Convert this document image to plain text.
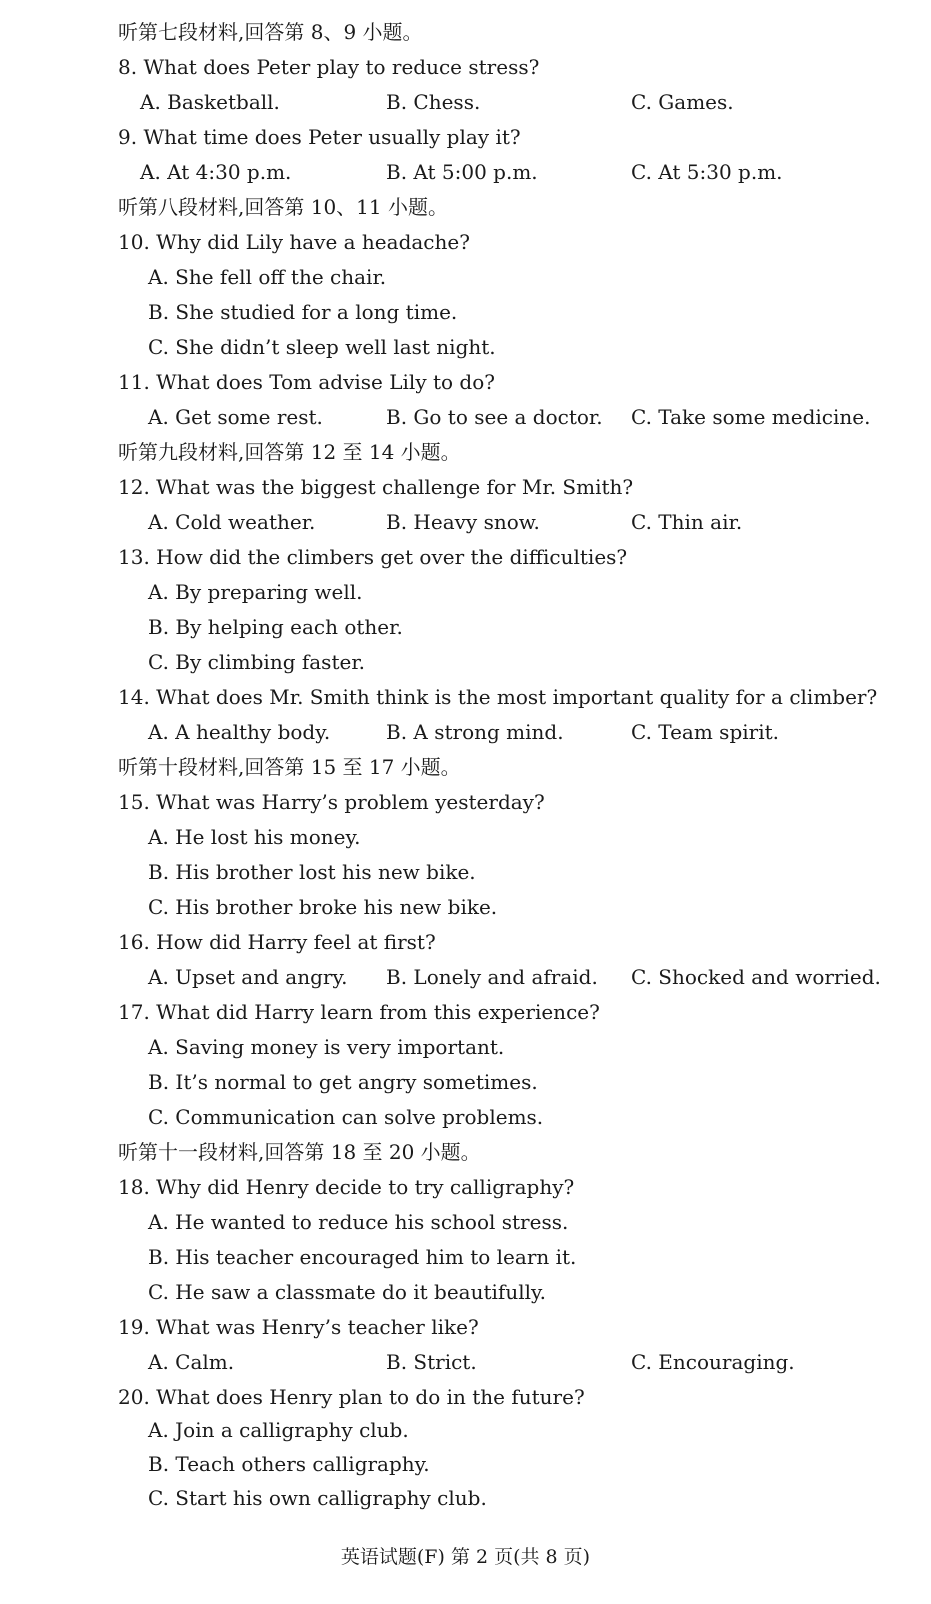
听第七段材料,回答第 8、9 小题。
8. What does Peter play to reduce stress?
A. Basketball.	B. Chess.	C. Games.
9. What time does Peter usually play it?
A. At 4:30 p.m.	B. At 5:00 p.m.	C. At 5:30 p.m.
听第八段材料,回答第 10、11 小题。
10. Why did Lily have a headache?
A. She fell off the chair.
B. She studied for a long time.
C. She didn’t sleep well last night.
11. What does Tom advise Lily to do?
A. Get some rest.	B. Go to see a doctor. C. Take some medicine.
听第九段材料,回答第 12 至 14 小题。
12. What was the biggest challenge for Mr. Smith?
A. Cold weather.	B. Heavy snow.	C. Thin air.
13. How did the climbers get over the difficulties?
A. By preparing well.
B. By helping each other.
C. By climbing faster.
14. What does Mr. Smith think is the most important quality for a climber?
A. A healthy body.	B. A strong mind.	C. Team spirit.
听第十段材料,回答第 15 至 17 小题。
15. What was Harry’s problem yesterday?
A. He lost his money.
B. His brother lost his new bike.
C. His brother broke his new bike.
16. How did Harry feel at first?
A. Upset and angry. B. Lonely and afraid. C. Shocked and worried.
17. What did Harry learn from this experience?
A. Saving money is very important.
B. It’s normal to get angry sometimes.
C. Communication can solve problems.
听第十一段材料,回答第 18 至 20 小题。
18. Why did Henry decide to try calligraphy?
A. He wanted to reduce his school stress.
B. His teacher encouraged him to learn it.
C. He saw a classmate do it beautifully.
19. What was Henry’s teacher like?
A. Calm.	B. Strict.	C. Encouraging.
20. What does Henry plan to do in the future?
A. Join a calligraphy club.
B. Teach others calligraphy.
C. Start his own calligraphy club.
英语试题(F) 第 2 页(共 8 页)
